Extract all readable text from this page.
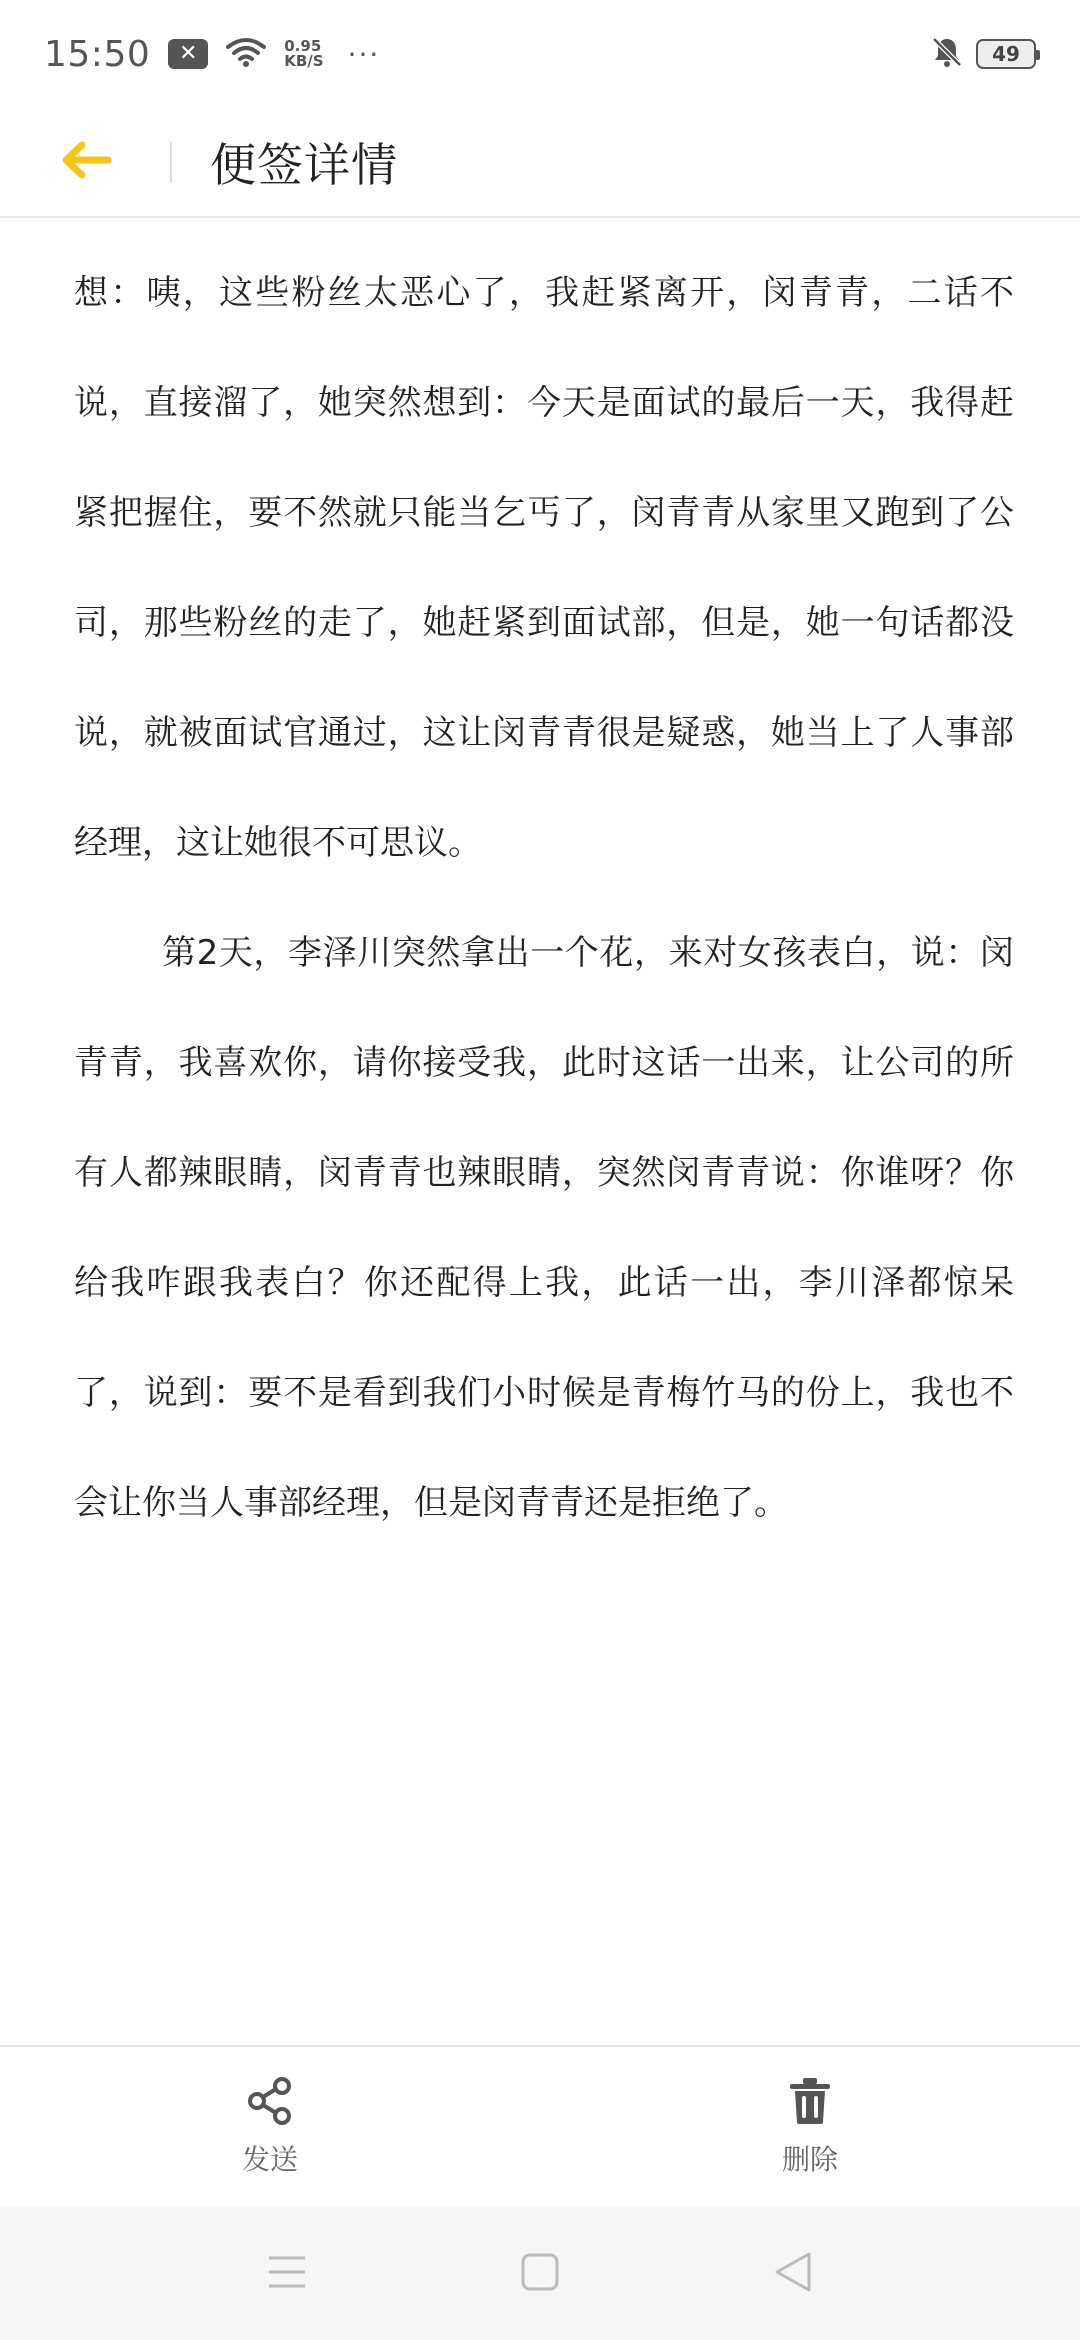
15:50	✕	0.95
KB/S ···	49
便签详情

想：咦，这些粉丝太恶心了，我赶紧离开，闵青青，二话不说，直接溜了，她突然想到：今天是面试的最后一天，我得赶紧把握住，要不然就只能当乞丐了，闵青青从家里又跑到了公司，那些粉丝的走了，她赶紧到面试部，但是，她一句话都没说，就被面试官通过，这让闵青青很是疑惑，她当上了人事部经理，这让她很不可思议。

第2天，李泽川突然拿出一个花，来对女孩表白，说：闵青青，我喜欢你，请你接受我，此时这话一出来，让公司的所有人都辣眼睛，闵青青也辣眼睛，突然闵青青说：你谁呀？你给我咋跟我表白？你还配得上我，此话一出，李川泽都惊呆了，说到：要不是看到我们小时候是青梅竹马的份上，我也不会让你当人事部经理，但是闵青青还是拒绝了。

发送	删除
